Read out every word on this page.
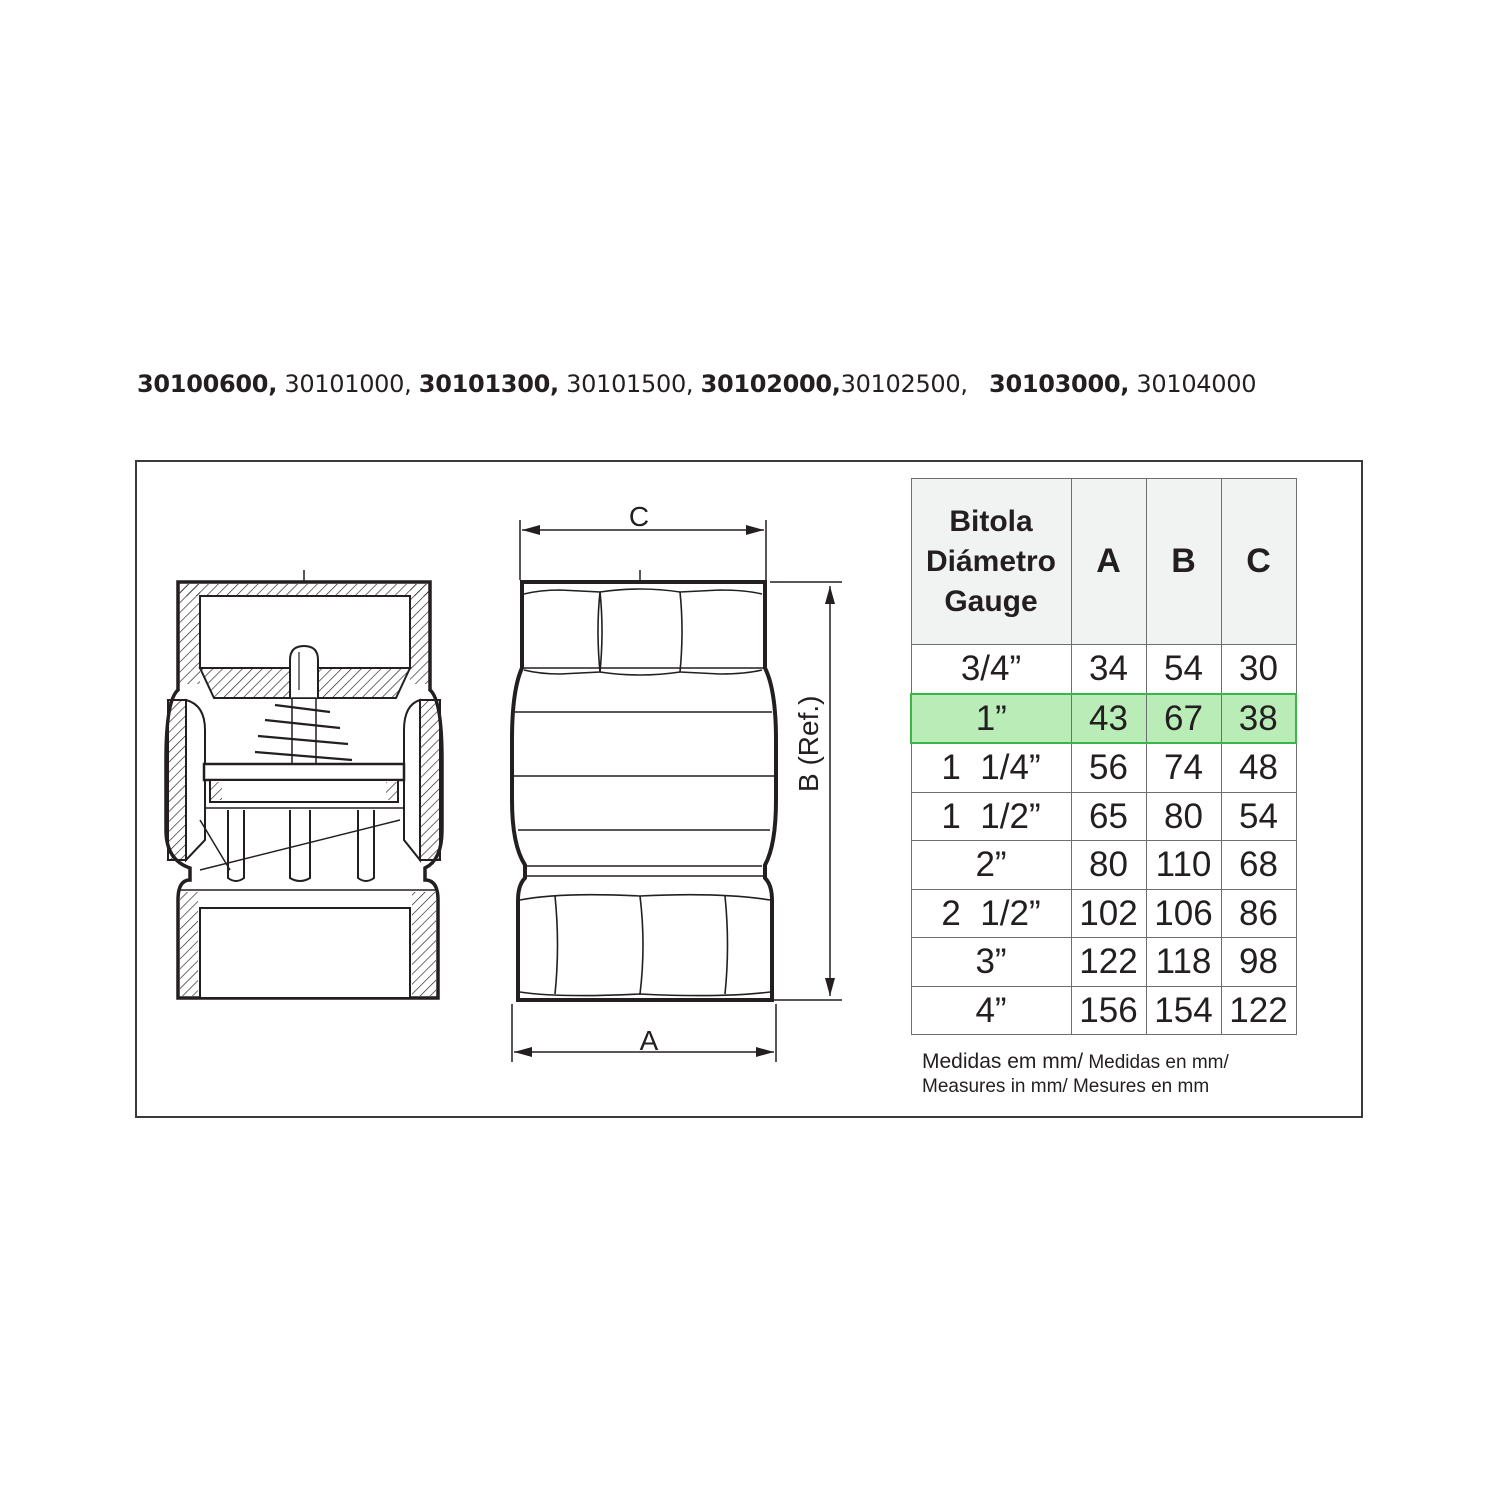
30100600, 30101000, 30101300, 30101500, 30102000,30102500, 30103000, 30104000
C
A
B (Ref.)
Bitola
Diámetro
Gauge	A	B	C
3/4”	34	54	30
1”	43	67	38
1  1/4”	56	74	48
1  1/2”	65	80	54
2”	80	110	68
2  1/2”	102	106	86
3”	122	118	98
4”	156	154	122
Medidas em mm/ Medidas en mm/
Measures in mm/ Mesures en mm
